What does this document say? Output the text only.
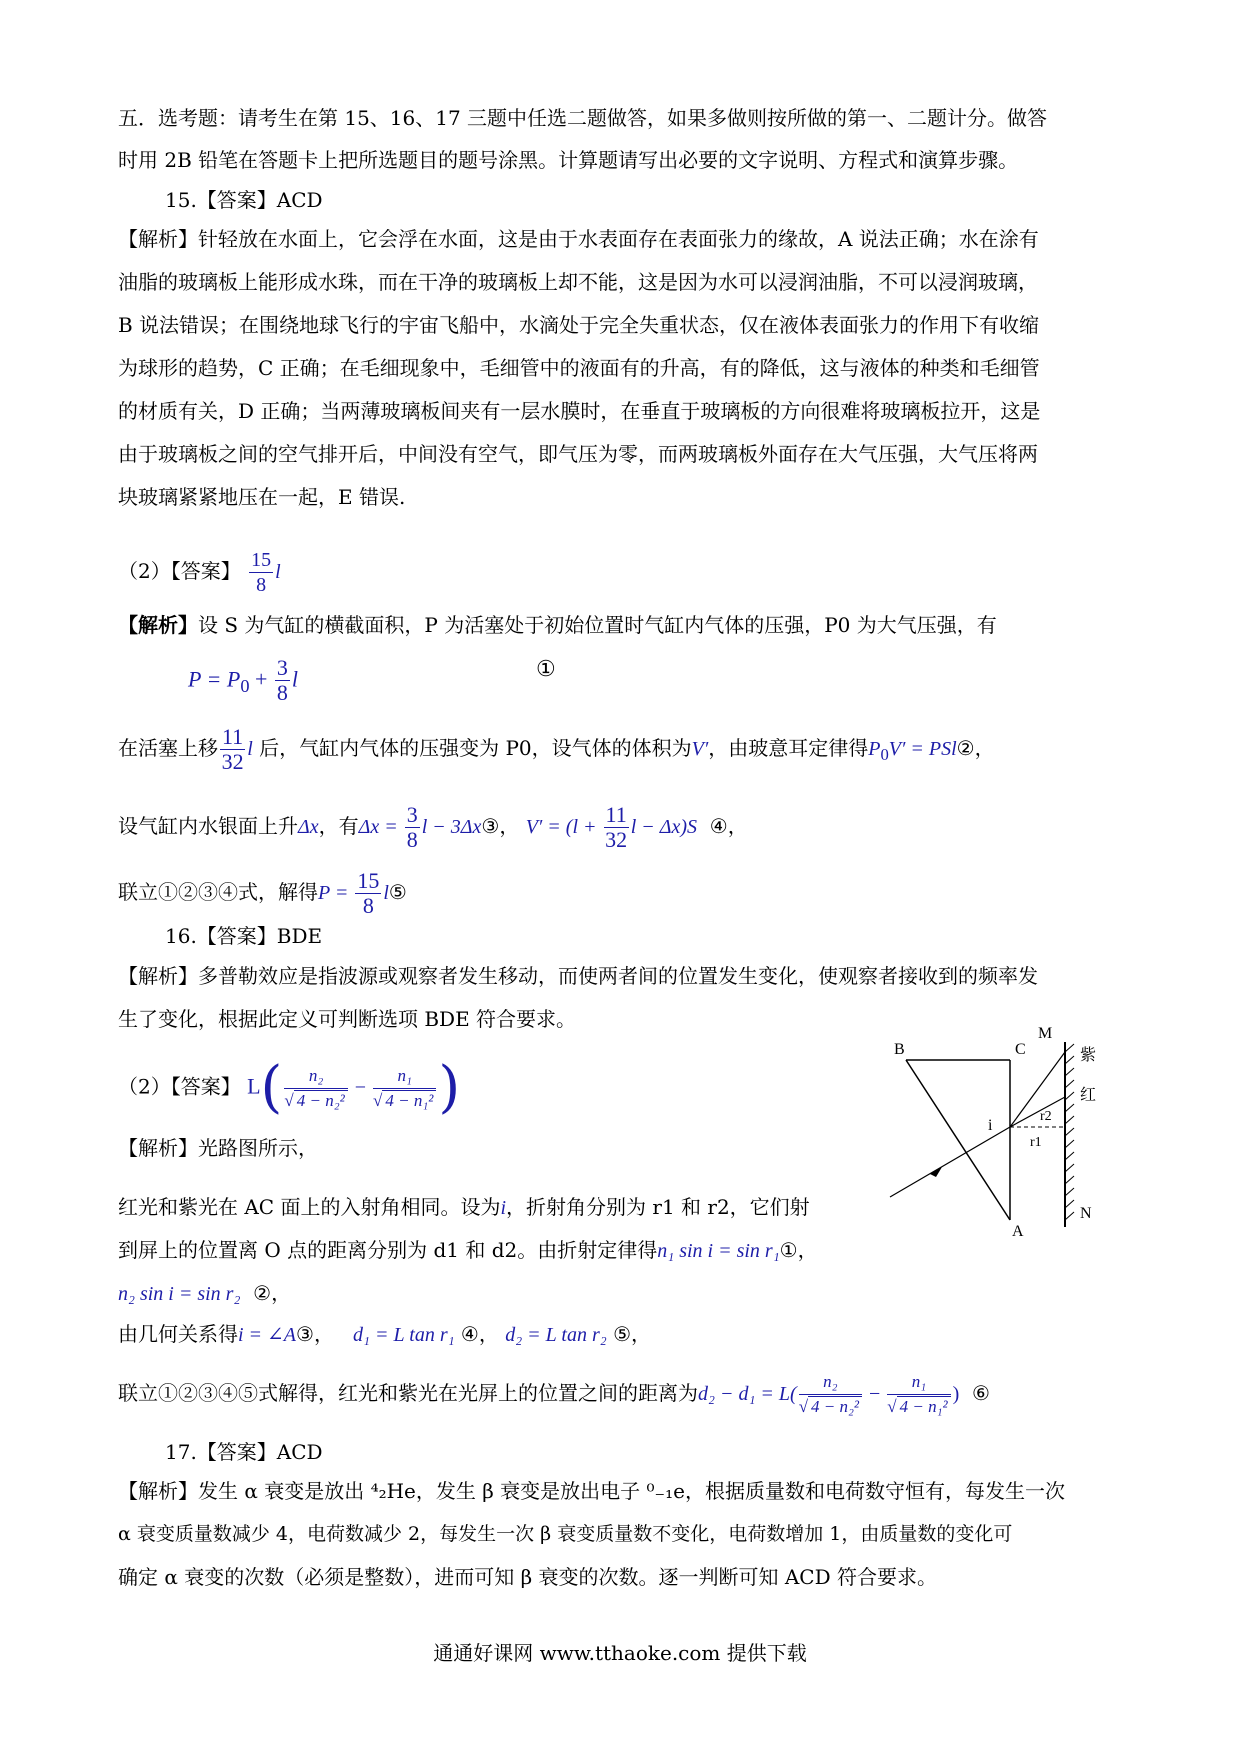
五．选考题：请考生在第 15、16、17 三题中任选二题做答，如果多做则按所做的第一、二题计分。做答
时用 2B 铅笔在答题卡上把所选题目的题号涂黑。计算题请写出必要的文字说明、方程式和演算步骤。
15.【答案】ACD
【解析】针轻放在水面上，它会浮在水面，这是由于水表面存在表面张力的缘故，A 说法正确；水在涂有
油脂的玻璃板上能形成水珠，而在干净的玻璃板上却不能，这是因为水可以浸润油脂，不可以浸润玻璃，
B 说法错误；在围绕地球飞行的宇宙飞船中，水滴处于完全失重状态，仅在液体表面张力的作用下有收缩
为球形的趋势，C 正确；在毛细现象中，毛细管中的液面有的升高，有的降低，这与液体的种类和毛细管
的材质有关，D 正确；当两薄玻璃板间夹有一层水膜时，在垂直于玻璃板的方向很难将玻璃板拉开，这是
由于玻璃板之间的空气排开后，中间没有空气，即气压为零，而两玻璃板外面存在大气压强，大气压将两
块玻璃紧紧地压在一起，E 错误.
（2）【答案】 $\frac{15}{8}$ l
【解析】设 S 为气缸的横截面积，P 为活塞处于初始位置时气缸内气体的压强，P0 为大气压强，有
$P = P_0 + \frac{3}{8}$ l	①
在活塞上移 $\frac{11}{32}$ l 后，气缸内气体的压强变为 P0，设气体的体积为V′，由玻意耳定律得$P_0V'$ = PSl②，
设气缸内水银面上升Δx，有$\Delta x = \frac{3}{8}$ l − 3Δx③， $V' = (l + \frac{11}{32}$ l − Δx)S ④，
联立①②③④式，解得$P = \frac{15}{8}$ l⑤
16.【答案】BDE
【解析】多普勒效应是指波源或观察者发生移动，而使两者间的位置发生变化，使观察者接收到的频率发
生了变化，根据此定义可判断选项 BDE 符合要求。
（2）【答案】 $L( \frac{\text{n₂}}{\text{√ 4 − n₂²}} - \frac{\text{n₁}}{\text{√ 4 − n₁²}}$ )
【解析】光路图所示，
红光和紫光在 AC 面上的入射角相同。设为i，折射角分别为 r1 和 r2，它们射
到屏上的位置离 O 点的距离分别为 d1 和 d2。由折射定律得n₁ sin i = sin r₁①，
n₂ sin i = sin r₂ ②，
由几何关系得i = ∠A③， d₁ = L tan r₁ ④， d₂ = L tan r₂ ⑤，
联立①②③④⑤式解得，红光和紫光在光屏上的位置之间的距离为$d_2 - d_1 = L( \frac{\text{n₂}}{\text{√ 4 − n₂²}} - \frac{\text{n₁}}{\text{√ 4 − n₁²}}$ ) ⑥
17.【答案】ACD
【解析】发生 α 衰变是放出 ⁴₂He，发生 β 衰变是放出电子 ⁰₋₁e，根据质量数和电荷数守恒有，每发生一次
α 衰变质量数减少 4，电荷数减少 2，每发生一次 β 衰变质量数不变化，电荷数增加 1，由质量数的变化可
确定 α 衰变的次数（必须是整数），进而可知 β 衰变的次数。逐一判断可知 ACD 符合要求。
通通好课网 www.tthaoke.com 提供下载
B	C
M
N
A
i
r2
r1
紫
红
